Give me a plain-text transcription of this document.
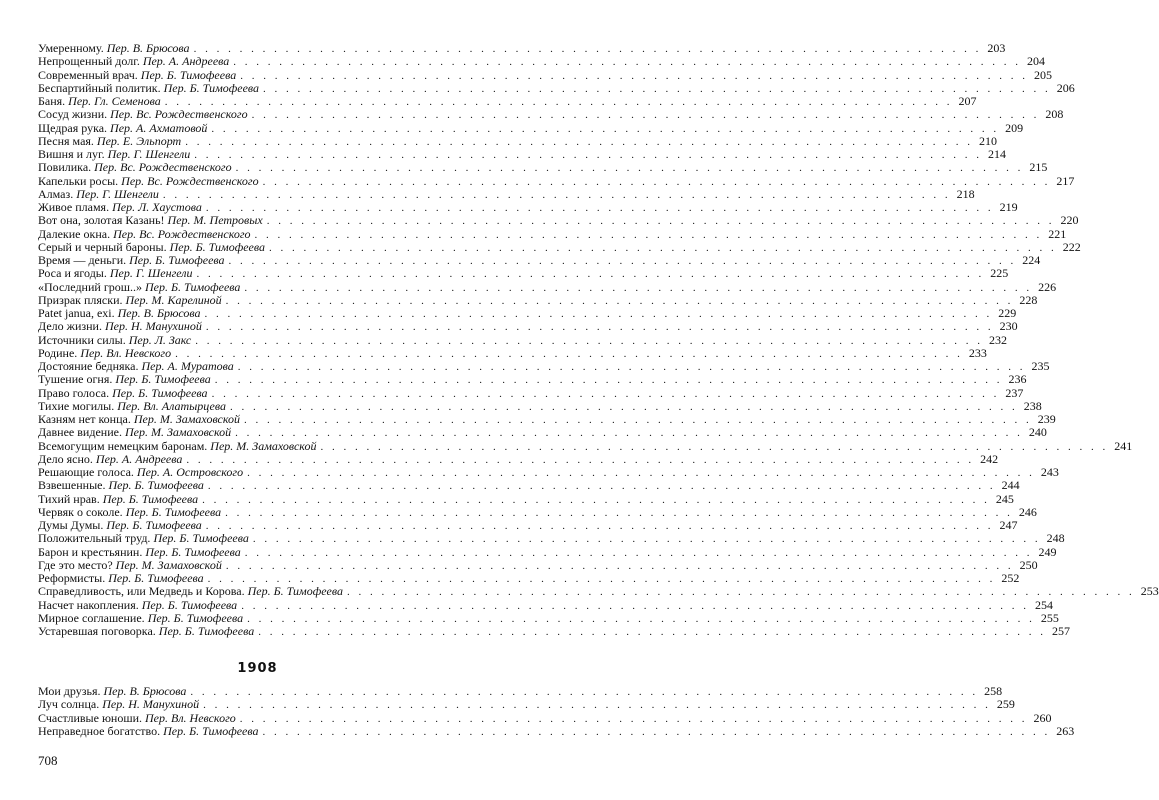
Умеренному. Пер. В. Брюсова . . .	203
Непрощенный долг. Пер. А. Андреева . . .	204
Современный врач. Пер. Б. Тимофеева . . .	205
Беспартийный политик. Пер. Б. Тимофеева . . .	206
Баня. Пер. Гл. Семенова . . .	207
Сосуд жизни. Пер. Вс. Рождественского . . .	208
Щедрая рука. Пер. А. Ахматовой . . .	209
Песня мая. Пер. Е. Эльпорт . . .	210
Вишня и луг. Пер. Г. Шенгели . . .	214
Повилика. Пер. Вс. Рождественского . . .	215
Капельки росы. Пер. Вс. Рождественского . . .	217
Алмаз. Пер. Г. Шенгели . . .	218
Живое пламя. Пер. Л. Хаустова . . .	219
Вот она, золотая Казань! Пер. М. Петровых . . .	220
Далекие окна. Пер. Вс. Рождественского . . .	221
Серый и черный бароны. Пер. Б. Тимофеева . . .	222
Время — деньги. Пер. Б. Тимофеева . . .	224
Роса и ягоды. Пер. Г. Шенгели . . .	225
«Последний грош..» Пер. Б. Тимофеева . . .	226
Призрак пляски. Пер. М. Карелиной . . .	228
Patet janua, exi. Пер. В. Брюсова . . .	229
Дело жизни. Пер. Н. Манухиной . . .	230
Источники силы. Пер. Л. Закс . . .	232
Родине. Пер. Вл. Невского . . .	233
Достояние бедняка. Пер. А. Муратова . . .	235
Тушение огня. Пер. Б. Тимофеева . . .	236
Право голоса. Пер. Б. Тимофеева . . .	237
Тихие могилы. Пер. Вл. Алатырцева . . .	238
Казням нет конца. Пер. М. Замаховской . . .	239
Давнее видение. Пер. М. Замаховской . . .	240
Всемогущим немецким баронам. Пер. М. Замаховской . . .	241
Дело ясно. Пер. А. Андреева . . .	242
Решающие голоса. Пер. А. Островского . . .	243
Взвешенные. Пер. Б. Тимофеева . . .	244
Тихий нрав. Пер. Б. Тимофеева . . .	245
Червяк о соколе. Пер. Б. Тимофеева . . .	246
Думы Думы. Пер. Б. Тимофеева . . .	247
Положительный труд. Пер. Б. Тимофеева . . .	248
Барон и крестьянин. Пер. Б. Тимофеева . . .	249
Где это место? Пер. М. Замаховской . . .	250
Реформисты. Пер. Б. Тимофеева . . .	252
Справедливость, или Медведь и Корова. Пер. Б. Тимофеева . . .	253
Насчет накопления. Пер. Б. Тимофеева . . .	254
Мирное соглашение. Пер. Б. Тимофеева . . .	255
Устаревшая поговорка. Пер. Б. Тимофеева . . .	257
1908
Мои друзья. Пер. В. Брюсова . . .	258
Луч солнца. Пер. Н. Манухиной . . .	259
Счастливые юноши. Пер. Вл. Невского . . .	260
Неправедное богатство. Пер. Б. Тимофеева . . .	263
708
